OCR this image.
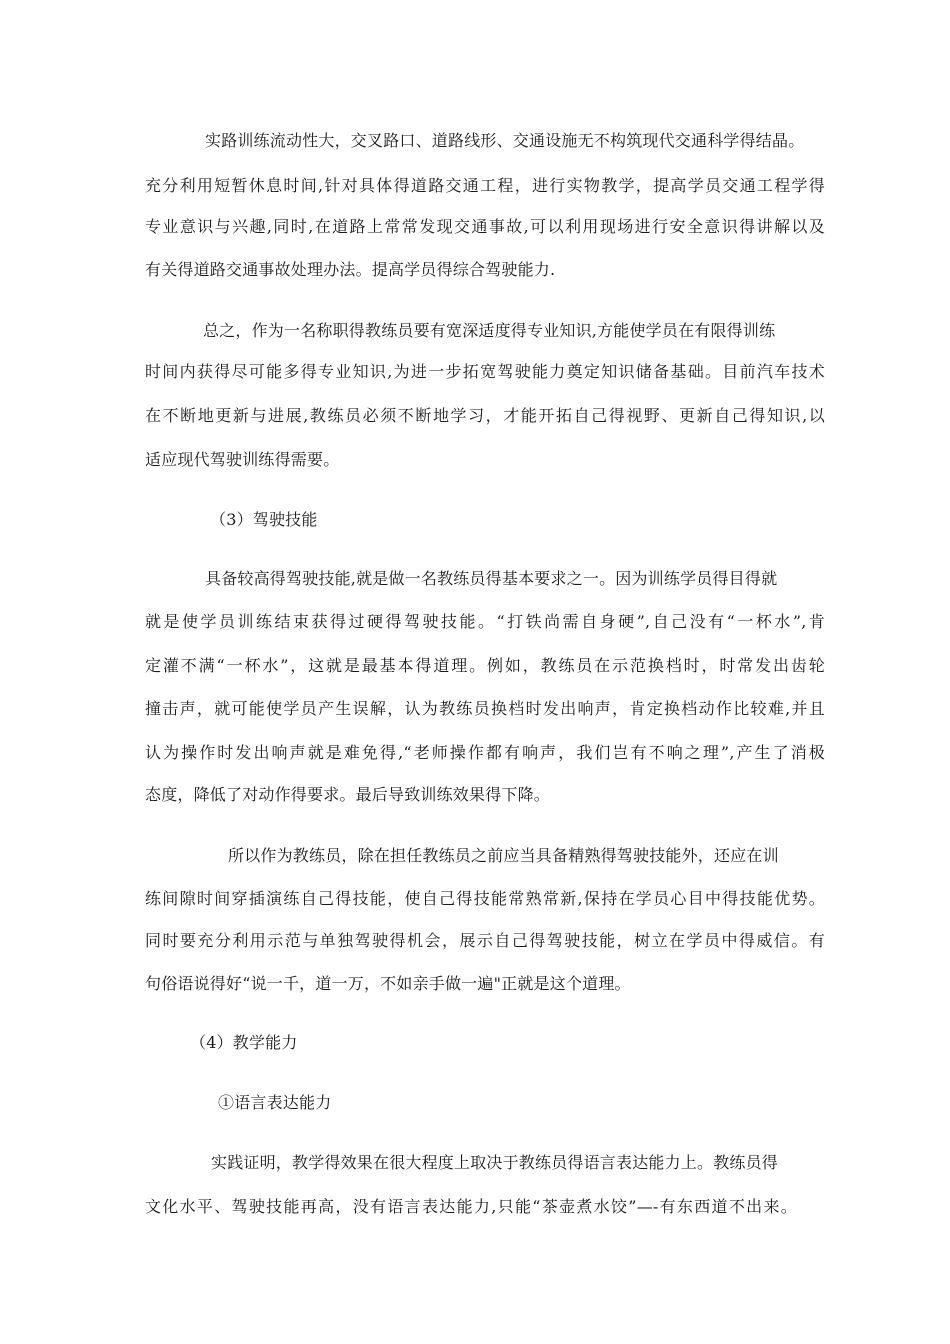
实路训练流动性大，交叉路口、道路线形、交通设施无不构筑现代交通科学得结晶。
充分利用短暂休息时间,针对具体得道路交通工程，进行实物教学，提高学员交通工程学得
专业意识与兴趣,同时,在道路上常常发现交通事故,可以利用现场进行安全意识得讲解以及
有关得道路交通事故处理办法。提高学员得综合驾驶能力.
总之，作为一名称职得教练员要有宽深适度得专业知识,方能使学员在有限得训练
时间内获得尽可能多得专业知识,为进一步拓宽驾驶能力奠定知识储备基础。目前汽车技术
在不断地更新与进展,教练员必须不断地学习，才能开拓自己得视野、更新自己得知识,以
适应现代驾驶训练得需要。
（3）驾驶技能
具备较高得驾驶技能,就是做一名教练员得基本要求之一。因为训练学员得目得就
就是使学员训练结束获得过硬得驾驶技能。“打铁尚需自身硬”,自己没有“一杯水”,肯
定灌不满“一杯水”，这就是最基本得道理。例如，教练员在示范换档时，时常发出齿轮
撞击声，就可能使学员产生误解，认为教练员换档时发出响声，肯定换档动作比较难,并且
认为操作时发出响声就是难免得,“老师操作都有响声，我们岂有不响之理”,产生了消极
态度，降低了对动作得要求。最后导致训练效果得下降。
所以作为教练员，除在担任教练员之前应当具备精熟得驾驶技能外，还应在训
练间隙时间穿插演练自己得技能，使自己得技能常熟常新,保持在学员心目中得技能优势。
同时要充分利用示范与单独驾驶得机会，展示自己得驾驶技能，树立在学员中得威信。有
句俗语说得好“说一千，道一万，不如亲手做一遍"正就是这个道理。
（4）教学能力
①语言表达能力
实践证明，教学得效果在很大程度上取决于教练员得语言表达能力上。教练员得
文化水平、驾驶技能再高，没有语言表达能力,只能“茶壶煮水饺”—-有东西道不出来。
